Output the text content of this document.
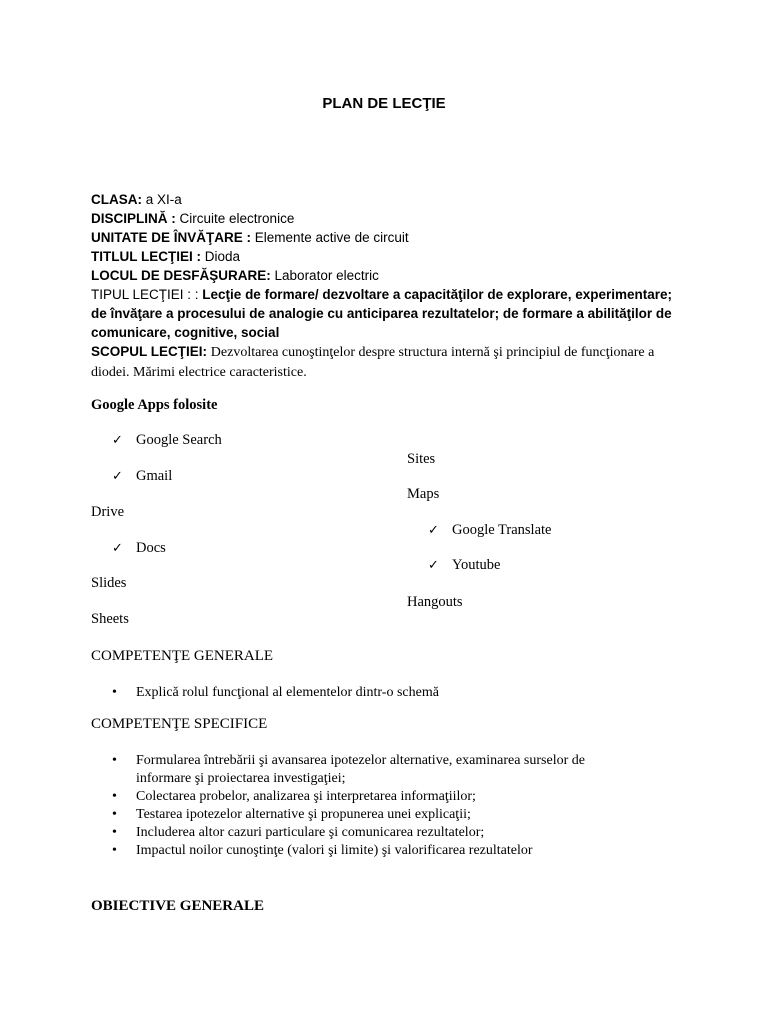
PLAN DE LECŢIE
CLASA: a XI-a
DISCIPLINĂ : Circuite electronice
UNITATE DE ÎNVĂŢARE : Elemente active de circuit
TITLUL LECŢIEI : Dioda
LOCUL DE DESFĂŞURARE: Laborator electric
TIPUL LECŢIEI : : Lecţie de formare/ dezvoltare a capacităţilor de explorare, experimentare; de învăţare a procesului de analogie cu anticiparea rezultatelor; de formare a abilităţilor de comunicare, cognitive, social
SCOPUL LECŢIEI: Dezvoltarea cunoştinţelor despre structura internă şi principiul de funcţionare a
diodei. Mărimi electrice caracteristice.
Google Apps folosite
✓ Google Search
Sites
✓ Gmail
Maps
Drive
✓ Google Translate
✓ Docs
✓ Youtube
Slides
Hangouts
Sheets
COMPETENŢE GENERALE
• Explică rolul funcţional al elementelor dintr-o schemă
COMPETENŢE SPECIFICE
• Formularea întrebării şi avansarea ipotezelor alternative, examinarea surselor de informare şi proiectarea investigaţiei;
• Colectarea probelor, analizarea şi interpretarea informaţiilor;
• Testarea ipotezelor alternative şi propunerea unei explicaţii;
• Includerea altor cazuri particulare şi comunicarea rezultatelor;
• Impactul noilor cunoştinţe (valori şi limite) şi valorificarea rezultatelor
OBIECTIVE GENERALE
